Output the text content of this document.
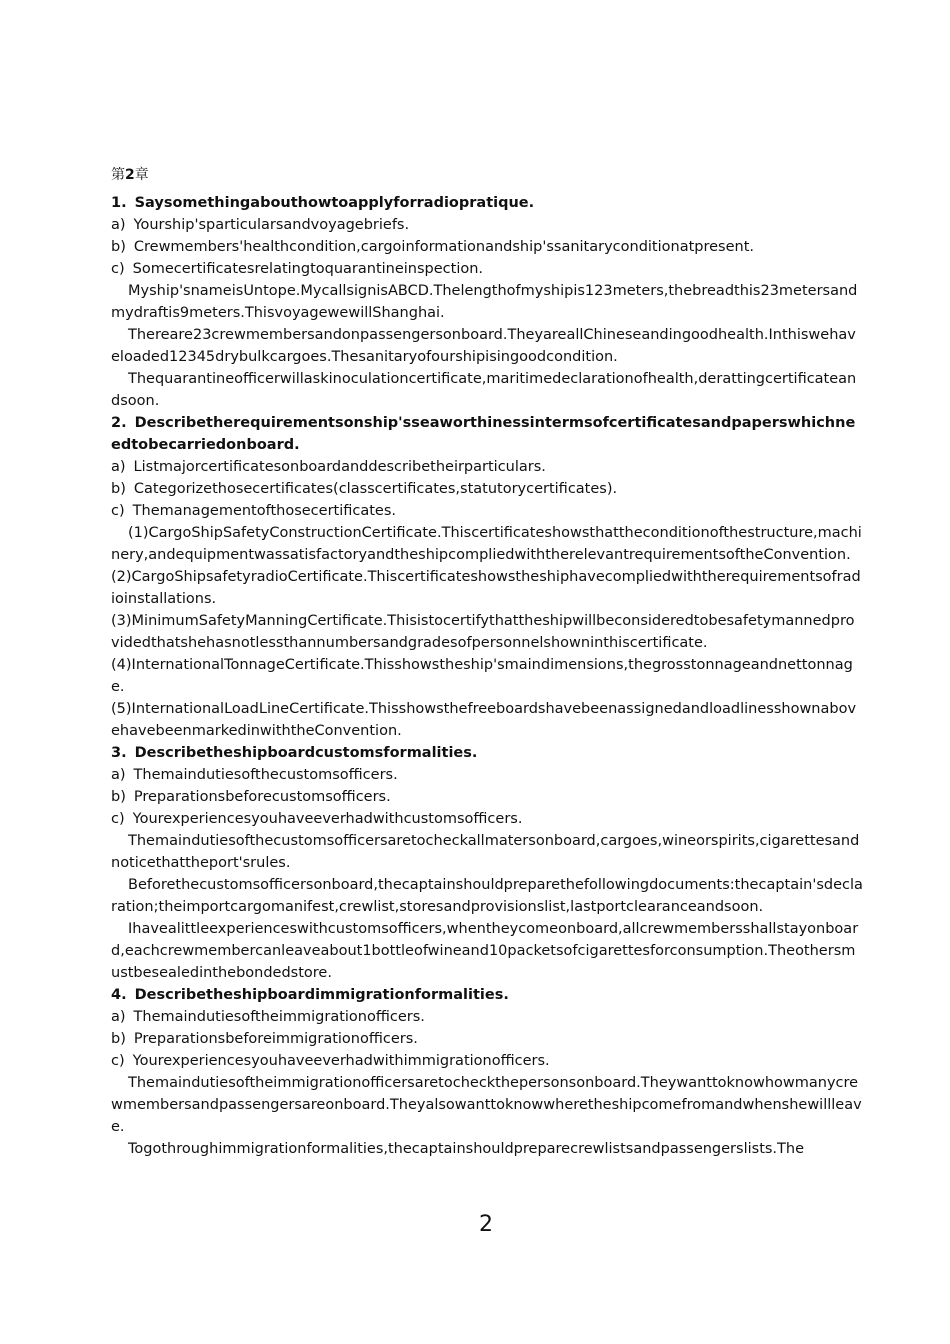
第2章
1. Saysomethingabouthowtoapplyforradiopratique.
a) Yourship'sparticularsandvoyagebriefs.
b) Crewmembers'healthcondition,cargoinformationandship'ssanitaryconditionatpresent.
c) Somecertificatesrelatingtoquarantineinspection.
Myship'snameisUntope.MycallsignisABCD.Thelengthofmyshipis123meters,thebreadthis23metersandmydraftis9meters.ThisvoyagewewillShanghai.
Thereare23crewmembersandonpassengersonboard.TheyareallChineseandingoodhealth.Inthiswehaveloaded12345drybulkcargoes.Thesanitaryofourshipisingoodcondition.
Thequarantineofficerwillaskinoculationcertificate,maritimedeclarationofhealth,derattingcertificateandsoon.
2. Describetherequirementsonship'sseaworthinessintermsofcertificatesandpaperswhichneedtobecarriedonboard.
a) Listmajorcertificatesonboardanddescribetheirparticulars.
b) Categorizethosecertificates(classcertificates,statutorycertificates).
c) Themanagementofthosecertificates.
(1)CargoShipSafetyConstructionCertificate.Thiscertificateshowsthattheconditionofthestructure,machinery,andequipmentwassatisfactoryandtheshipcompliedwiththerelevantrequirementsoftheConvention.
(2)CargoShipsafetyradioCertificate.Thiscertificateshowstheshiphavecompliedwiththerequirementsofradioinstallations.
(3)MinimumSafetyManningCertificate.Thisistocertifythattheshipwillbeconsideredtobesafetymannedprovidedthatshehasnotlessthannumbersandgradesofpersonnelshowninthiscertificate.
(4)InternationalTonnageCertificate.Thisshowstheship'smaindimensions,thegrosstonnageandnettonnage.
(5)InternationalLoadLineCertificate.ThisshowsthefreeboardshavebeenassignedandloadlinesshownabovehavebeenmarkedinwiththeConvention.
3. Describetheshipboardcustomsformalities.
a) Themaindutiesofthecustomsofficers.
b) Preparationsbeforecustomsofficers.
c) Yourexperiencesyouhaveeverhadwithcustomsofficers.
Themaindutiesofthecustomsofficersaretocheckallmatersonboard,cargoes,wineorspirits,cigarettesandnoticethattheport'srules.
Beforethecustomsofficersonboard,thecaptainshouldpreparethefollowingdocuments:thecaptain'sdeclaration;theimportcargomanifest,crewlist,storesandprovisionslist,lastportclearanceandsoon.
Ihavealittleexperienceswithcustomsofficers,whentheycomeonboard,allcrewmembersshallstayonboard,eachcrewmembercanleaveabout1bottleofwineand10packetsofcigarettesforconsumption.Theothersmustbesealedinthebondedstore.
4. Describetheshipboardimmigrationformalities.
a) Themaindutiesoftheimmigrationofficers.
b) Preparationsbeforeimmigrationofficers.
c) Yourexperiencesyouhaveeverhadwithimmigrationofficers.
Themaindutiesoftheimmigrationofficersaretocheckthepersonsonboard.Theywanttoknowhowmanycrewmembersandpassengersareonboard.Theyalsowanttoknowwheretheshipcomefromandwhenshewillleave.
Togothroughimmigrationformalities,thecaptainshouldpreparecrewlistsandpassengerslists.The
2
